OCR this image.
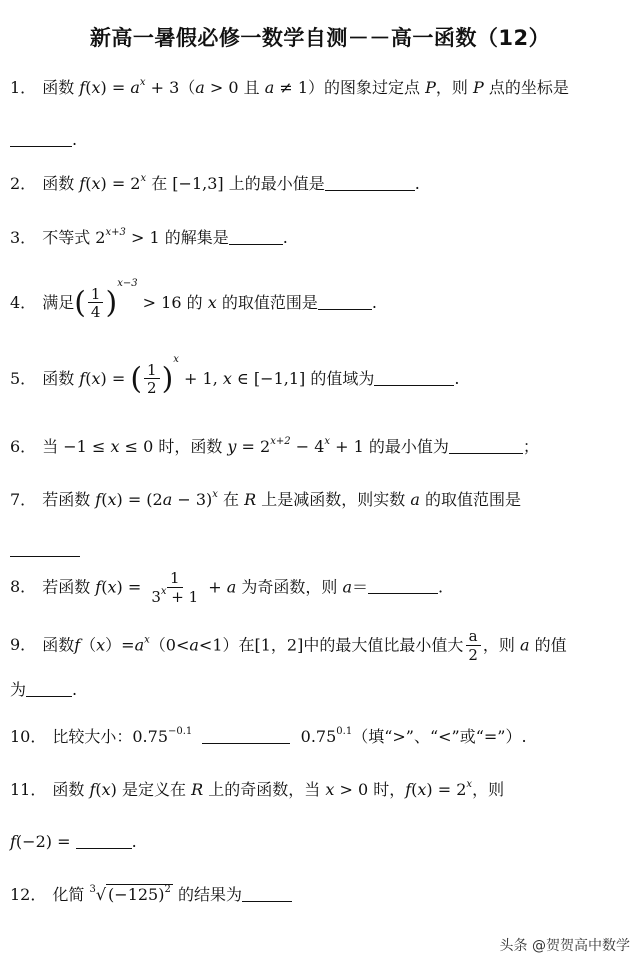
新高一暑假必修一数学自测－－高一函数（12）
1． 函数 $f(x) = a^x + 3(a > 0$ 且 a ≠ 1）的图象过定点 P，则 P 点的坐标是
.
2． 函数 $f(x) = 2^x$ 在 [−1,3] 上的最小值是	.
3． 不等式 $2^{x+3} > 1$ 的解集是	.
4． 满足( $\frac{1}{4} )^{x-3} > 16$ 的 x 的取值范围是	.
5． 函数 f(x) = ( $\frac{1}{2} )^x + 1$, x ∈ [−1,1] 的值域为	.
6． 当 −1 ≤ x ≤ 0 时，函数 $y = 2^{x+2} - 4^x + 1$ 的最小值为	；
7． 若函数 $f(x) = (2a - 3)^x$ 在 R 上是减函数，则实数 a 的取值范围是
8． 若函数 $f(x) = \frac{1}{3^x + 1} + a$ 为奇函数，则 a＝	.
9． 函数$f(x)=a^x(0<a<1)$在[1，2]中的最大值比最小值大 $\frac{a}{2}$ ，则 a 的值
为	.
10． 比较大小：$0.75^{-0.1}$	$0.75^{0.1}$（填“>”、“<”或“=”）.
11． 函数 f(x) 是定义在 R 上的奇函数，当 x > 0 时，$f(x) = 2^x$，则
f(−2) =	.
12． 化简 $^3$√ $(-125)^2$ 的结果为
头条 @贺贺高中数学
